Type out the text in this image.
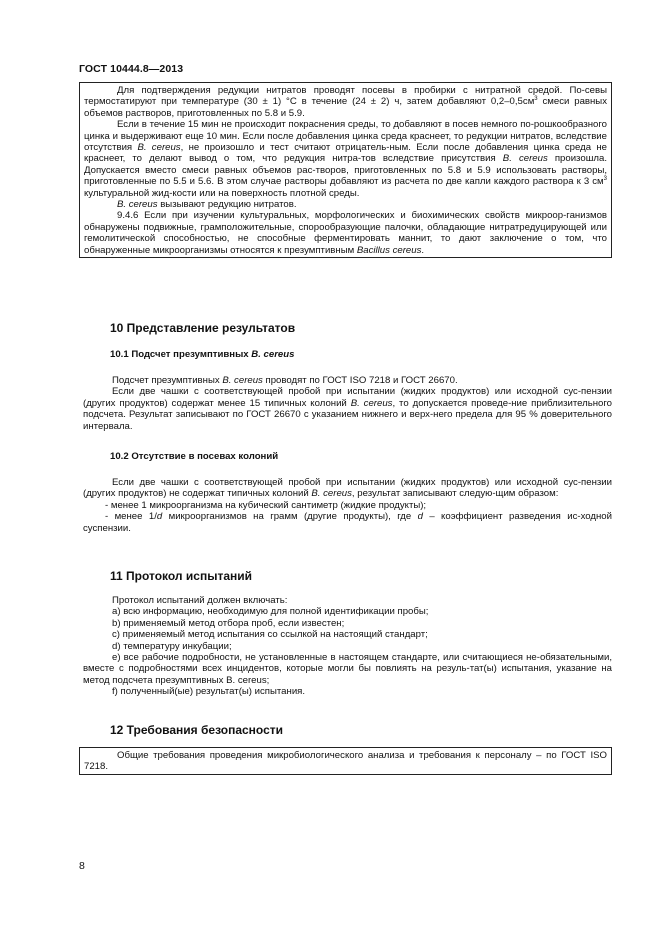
ГОСТ 10444.8—2013

Для подтверждения редукции нитратов проводят посевы в пробирки с нитратной средой. По-севы термостатируют при температуре (30 ± 1) °С в течение (24 ± 2) ч, затем добавляют $0,2-0,5см^3$ смеси равных объемов растворов, приготовленных по 5.8 и 5.9.

Если в течение 15 мин не происходит покраснения среды, то добавляют в посев немного по-рошкообразного цинка и выдерживают еще 10 мин. Если после добавления цинка среда краснеет, то редукции нитратов, вследствие отсутствия B. cereus, не произошло и тест считают отрицатель-ным. Если после добавления цинка среда не краснеет, то делают вывод о том, что редукция нитра-тов вследствие присутствия B. cereus произошла. Допускается вместо смеси равных объемов рас-творов, приготовленных по 5.8 и 5.9 использовать растворы, приготовленные по 5.5 и 5.6. В этом случае растворы добавляют из расчета по две капли каждого раствора к 3 $см^3$ культуральной жид-кости или на поверхность плотной среды.

B. cereus вызывают редукцию нитратов.

9.4.6 Если при изучении культуральных, морфологических и биохимических свойств микроор-ганизмов обнаружены подвижные, грамположительные, спорообразующие палочки, обладающие нитратредуцирующей или гемолитической способностью, не способные ферментировать маннит, то дают заключение о том, что обнаруженные микроорганизмы относятся к презумптивным Bacillus cereus.

10 Представление результатов
10.1 Подсчет презумптивных B. cereus

Подсчет презумптивных B. cereus проводят по ГОСТ ISO 7218 и ГОСТ 26670.

Если две чашки с соответствующей пробой при испытании (жидких продуктов) или исходной сус-пензии (других продуктов) содержат менее 15 типичных колоний B. cereus, то допускается проведе-ние приблизительного подсчета. Результат записывают по ГОСТ 26670 с указанием нижнего и верх-него предела для 95 % доверительного интервала.

10.2 Отсутствие в посевах колоний

Если две чашки с соответствующей пробой при испытании (жидких продуктов) или исходной сус-пензии (других продуктов) не содержат типичных колоний B. cereus, результат записывают следую-щим образом:

- менее 1 микроорганизма на кубический сантиметр (жидкие продукты);

- менее 1/d микроорганизмов на грамм (другие продукты), где d – коэффициент разведения ис-ходной суспензии.

11 Протокол испытаний

Протокол испытаний должен включать:

a) всю информацию, необходимую для полной идентификации пробы;

b) применяемый метод отбора проб, если известен;

c) применяемый метод испытания со ссылкой на настоящий стандарт;

d) температуру инкубации;

e) все рабочие подробности, не установленные в настоящем стандарте, или считающиеся не-обязательными, вместе с подробностями всех инцидентов, которые могли бы повлиять на резуль-тат(ы) испытания, указание на метод подсчета презумптивных B. cereus;

f) полученный(ые) результат(ы) испытания.

12 Требования безопасности

Общие требования проведения микробиологического анализа и требования к персоналу – по ГОСТ ISO 7218.

8
